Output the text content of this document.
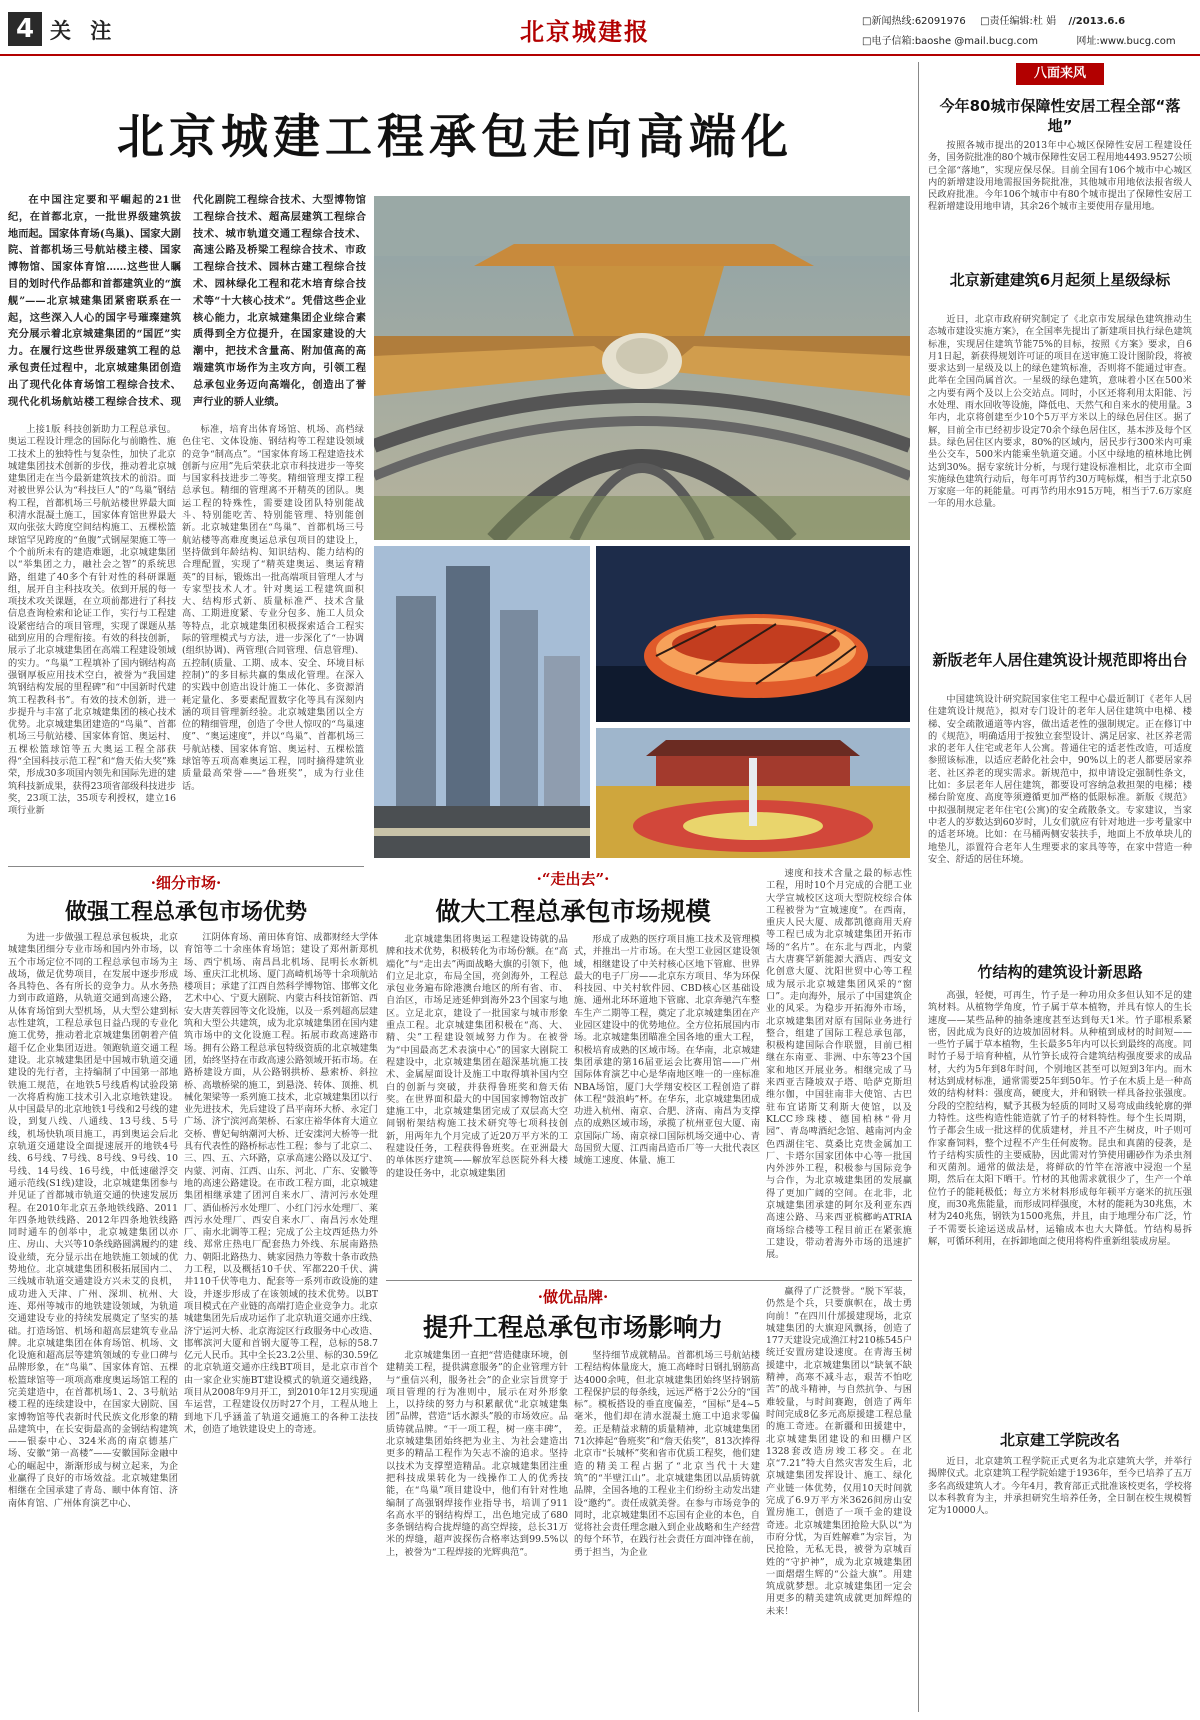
4 关 注	北京城建报	□新闻热线:62091976 □责任编辑:杜 娟 //2013.6.6
□电子信箱:baoshe @mail.bucg.com	网址:www.bucg.com
北京城建工程承包走向高端化
在中国注定要和平崛起的21世纪，在首都北京，一批世界级建筑拔地而起。国家体育场(鸟巢)、国家大剧院、首都机场三号航站楼主楼、国家博物馆、国家体育馆……这些世人瞩目的划时代作品都和首都建筑业的“旗舰”——北京城建集团紧密联系在一起，这些深入人心的国字号璀璨建筑充分展示着北京城建集团的“国匠”实力。在履行这些世界级建筑工程的总承包责任过程中，北京城建集团创造出了现代化体育场馆工程综合技术、现代化机场航站楼工程综合技术、现代化剧院工程综合技术、大型博物馆工程综合技术、超高层建筑工程综合技术、城市轨道交通工程综合技术、高速公路及桥梁工程综合技术、市政工程综合技术、园林古建工程综合技术、园林绿化工程和花木培育综合技术等“十大核心技术”。凭借这些企业核心能力，北京城建集团企业综合素质得到全方位提升，在国家建设的大潮中，把技术含量高、附加值高的高端建筑市场作为主攻方向，引领工程总承包业务迈向高端化，创造出了誉声行业的骄人业绩。
上接1版 科技创新助力工程总承包。奥运工程设计理念的国际化与前瞻性、施工技术上的独特性与复杂性，加快了北京城建集团技术创新的步伐，推动着北京城建集团走在当今最新建筑技术的前沿。面对被世界公认为“科技巨人”的“鸟巢”钢结构工程，首都机场三号航站楼世界最大面积清水混凝土施工，国家体育馆世界最大双向张弦大跨度空间结构施工、五棵松篮球馆罕见跨度的“鱼腹”式钢屋架施工等一个个前所未有的建造难题，北京城建集团以“举集团之力，融社会之智”的系统思路，组建了40多个有针对性的科研课题组，展开自主科技攻关。依到开展的每一项技术攻关课题，在立项前都进行了科技信息查询检索和论证工作，实行与工程建设紧密结合的项目管理，实现了课题从基础到应用的合理衔接。有效的科技创新，展示了北京城建集团在高端工程建设领域的实力。“鸟巢”工程填补了国内钢结构高强钢厚板应用技术空白，被誉为“我国建筑钢结构发展的里程碑”和“中国新时代建筑工程教科书”。有效的技术创新，进一步提升与丰富了北京城建集团的核心技术优势。北京城建集团建造的“鸟巢”、首都机场三号航站楼、国家体育馆、奥运村、五棵松篮球馆等五大奥运工程全部获得“全国科技示范工程”和“詹天佑大奖”殊荣，形成30多项国内领先和国际先进的建筑科技新成果，获得23项省部级科技进步奖，23项工法，35项专利授权，建立16项行业新
标准，培育出体育场馆、机场、高档绿色住宅、文体设施、钢结构等工程建设领域的竞争“制高点”。“国家体育场工程建造技术创新与应用”先后荣获北京市科技进步一等奖与国家科技进步二等奖。精细管理支撑工程总承包。精细的管理离不开精英的团队。奥运工程的特殊性，需要建设团队特别能战斗、特别能吃苦、特别能管理、特别能创新。北京城建集团在“鸟巢”、首都机场三号航站楼等高难度奥运总承包项目的建设上，坚持做到年龄结构、知识结构、能力结构的合理配置，实现了“精英建奥运、奥运育精英”的目标，锻炼出一批高端项目管理人才与专家型技术人才。针对奥运工程建筑面积大、结构形式新、质量标准严、技术含量高、工期进度紧、专业分包多、施工人员众等特点，北京城建集团积极探索适合工程实际的管理模式与方法，进一步深化了“一协调(组织协调)、两管理(合同管理、信息管理)、五控制(质量、工期、成本、安全、环境目标控制)”的多目标共赢的集成化管理。在深入的实践中创造出设计施工一体化、多资源消耗定量化、多要素配置数字化等具有深刻内涵的项目管理新经验。北京城建集团以全方位的精细管理，创造了令世人惊叹的“鸟巢速度”、“奥运速度”，并以“鸟巢”、首都机场三号航站楼、国家体育馆、奥运村、五棵松篮球馆等五项高难奥运工程，同时摘得建筑业质量最高荣誉——“鲁班奖”，成为行业佳话。
·细分市场·
做强工程总承包市场优势
为进一步做强工程总承包板块，北京城建集团细分专业市场和国内外市场，以五个市场定位不同的工程总承包市场为主战场，做足优势项目，在发展中逐步形成各具特色、各有所长的竞争力。从水务热力到市政道路，从轨道交通到高速公路，从体育场馆到大型机场，从大型公建到标志性建筑，工程总承包日益凸现的专业化施工优势，推动着北京城建集团朝着产值超千亿企业集团迈进。领跑轨道交通工程建设。北京城建集团是中国城市轨道交通建设的先行者，主持编制了中国第一部地铁施工规范，在地铁5号线盾构试验段第一次将盾构施工技术引入北京地铁建设。从中国最早的北京地铁1号线和2号线的建设，到复八线、八通线、13号线、5号线，机场快轨项目施工，再到奥运会后北京轨道交通建设全面提速展开的地铁4号线、6号线、7号线、8号线、9号线、10号线、14号线、16号线，中低速磁浮交通示范线(S1线)建设，北京城建集团参与并见证了首都城市轨道交通的快速发展历程。在2010年北京五条地铁线路、2011年四条地铁线路、2012年四条地铁线路同时通车的创举中，北京城建集团以亦庄、房山、大兴等10条线路圆满履约的建设业绩，充分显示出在地铁施工领域的优势地位。北京城建集团积极拓展国内二、三线城市轨道交通建设方兴未艾的良机，成功进入天津、广州、深圳、杭州、大连、郑州等城市的地铁建设领域，为轨道交通建设专业的持续发展奠定了坚实的基础。打造场馆、机场和超高层建筑专业品牌。北京城建集团在体育场馆、机场、文化设施和超高层等建筑领域的专业口碑与品牌形象，在“鸟巢”、国家体育馆、五棵松篮球馆等一项项高难度奥运场馆工程的完美建造中，在首都机场1、2、3号航站楼工程的连续建设中，在国家大剧院、国家博物馆等代表新时代民族文化形象的精品建筑中，在长安街最高的金钢结构建筑——银泰中心、324米高的南京德基广场、安徽“第一高楼”——安徽国际金融中心的崛起中，渐渐形成与树立起来，为企业赢得了良好的市场效益。北京城建集团相继在全国承建了青岛、颐中体育馆、济南体育馆、广州体育演艺中心、
江阴体育场、莆田体育馆、成都财经大学体育馆等二十余座体育场馆；建设了郑州新郑机场、西宁机场、南昌昌北机场、昆明长水新机场、重庆江北机场、厦门高崎机场等十余项航站楼项目；承建了江西自然科学博物馆、邯郸文化艺术中心、宁夏大剧院、内蒙古科技馆新馆、西安大唐芙蓉园等文化设施，以及一系列超高层建筑和大型公共建筑，成为北京城建集团在国内建筑市场中的文化设施工程。拓展市政高速路市场。拥有公路工程总承包特级资质的北京城建集团，始终坚持在市政高速公路领域开拓市场。在路桥建设方面，从公路钢拱桥、悬索桥、斜拉桥、高墩桥梁的施工，到悬浇、转体、顶推、机械化架梁等一系列施工技术，北京城建集团以行业先进技术，先后建设了昌平南环大桥、永定门广场、济宁滨河高架桥、石家庄裕华体育大道立交桥、曹妃甸纳潮河大桥、迁安滦河大桥等一批具有代表性的路桥标志性工程；参与了北京二、三、四、五、六环路，京承高速公路以及辽宁、内蒙、河南、江西、山东、河北、广东、安徽等地的高速公路建设。在市政工程方面，北京城建集团相继承建了团河自来水厂、清河污水处理厂、酒仙桥污水处理厂、小红门污水处理厂、莱西污水处理厂、西安自来水厂、南昌污水处理厂、南水北调等工程；完成了公主坟西延热力外线、郑常庄热电厂配套热力外线、东展南路热力、朝阳北路热力、姚家园热力等数十条市政热力工程，以及概括10千伏、军都220千伏、满井110千伏等电力、配套等一系列市政设施的建设，并逐步形成了在该领域的技术优势。以BT项目模式在产业链的高端打造企业竞争力。北京城建集团先后成功运作了北京轨道交通亦庄线、济宁运河大桥、北京海淀区行政服务中心改造、邯郸滨河大厦和首钢大厦等工程，总标的58.7亿元人民币。其中全长23.2公里、标的30.59亿的北京轨道交通亦庄线BT项目，是北京市首个由一家企业实施BT建设模式的轨道交通线路，项目从2008年9月开工，到2010年12月实现通车运营，工程建设仅历时27个月，工程从地上到地下几乎涵盖了轨道交通施工的各种工法技术，创造了地铁建设史上的奇迹。
·“走出去”·
做大工程总承包市场规模
北京城建集团将奥运工程建设铸就的品牌和技术优势，积极转化为市场份额。在“高端化”与“走出去”两面战略大旗的引领下，他们立足北京，布局全国，亮剑海外，工程总承包业务遍布除港澳台地区的所有省、市、自治区，市场足迹延伸到海外23个国家与地区。立足北京，建设了一批国家与城市形象重点工程。北京城建集团积极在“高、大、精、尖”工程建设领域努力作为。在被誉为“中国最高艺术表演中心”的国家大剧院工程建设中，北京城建集团在超深基坑施工技术、金属屋面设计及施工中取得填补国内空白的创新与突破，并获得鲁班奖和詹天佑奖。在世界面积最大的中国国家博物馆改扩建施工中，北京城建集团完成了双层高大空间钢桁架结构施工技术研究等七项科技创新，用两年九个月完成了近20万平方米的工程建设任务，工程获得鲁班奖。在亚洲最大的单体医疗建筑——解放军总医院外科大楼的建设任务中，北京城建集团
形成了成熟的医疗项目施工技术及管理模式，并推出一片市场。在大型工业园区建设领域，相继建设了中关村核心区地下管廊、世界最大的电子厂房——北京东方项目、华为环保科技园、中关村软件园、CBD核心区基础设施、通州北环环道地下管廊、北京奔驰汽车整车生产二期等工程，奠定了北京城建集团在产业园区建设中的优势地位。全方位拓展国内市场。北京城建集团瞄准全国各地的重大工程，积极培育成熟的区域市场。在华南，北京城建集团承建的第16届亚运会比赛用馆——广州国际体育演艺中心是华南地区唯一的一座标准NBA场馆，厦门大学翔安校区工程创造了群体工程“鼓浪屿”杯。在华东，北京城建集团成功进入杭州、南京、合肥、济南、南昌为支撑点的成熟区域市场，承揽了杭州亚包大厦、南京国际广场、南京禄口国际机场交通中心、青岛国贸大厦、江西南昌造币厂等一大批代表区域施工速度、体量、施工
速度和技术含量之最的标志性工程，用时10个月完成的合肥工业大学宣城校区这项大型院校综合体工程被誉为“宣城速度”。在西南，重庆人民大厦、成都凯德商用天府等工程已成为北京城建集团开拓市场的“名片”。在东北与西北，内蒙古大唐赛罕新能源大酒店、西安文化创意大厦、沈阳世贸中心等工程成为展示北京城建集团风采的“窗口”。走向海外，展示了中国建筑企业的风采。为稳步开拓海外市场，北京城建集团对原有国际业务进行整合，组建了国际工程总承包部，积极构建国际合作联盟，目前已相继在东南亚、非洲、中东等23个国家和地区开展业务。相继完成了马来西亚吉隆坡双子塔、哈萨克斯坦维尔伽，中国驻南非大使馆、古巴驻布宜诺斯艾利斯大使馆，以及KLCC珍珠楼、德国柏林“骨月园”、青岛啤酒纪念馆、越南河内金色西湖住宅、莫桑比克贵金属加工厂、卡塔尔国家团体中心等一批国内外涉外工程，积极参与国际竞争与合作，为北京城建集团的发展赢得了更加广阔的空间。在北非，北京城建集团承建的阿尔及利亚东西高速公路、马来西亚槟榔屿ATRIA商场综合楼等工程目前正在紧张施工建设，带动着海外市场的迅速扩展。
·做优品牌·
提升工程总承包市场影响力
北京城建集团一直把“营造健康环境，创建精美工程，提供满意服务”的企业管理方针与“重信兴利，服务社会”的企业宗旨贯穿于项目管理的行为准则中，展示在对外形象上，以持续的努力与积累献优“北京城建集团”品牌，营造“话水源头”般的市场效应。品质铸就品牌。“干一项工程，树一座丰碑”，北京城建集团始终把为业主、为社会建造出更多的精品工程作为矢志不渝的追求。坚持以技术为支撑塑造精品。北京城建集团注重把科技成果转化为一线操作工人的优秀技能，在“鸟巢”项目建设中，他们有针对性地编制了高强钢焊接作业指导书，培训了911名高水平的钢结构焊工，出色地完成了680多条钢结构合拢焊缝的高空焊接，总长31万米的焊缝，超声波探伤合格率达到99.5%以上，被誉为“工程焊接的光辉典范”。
坚持细节成就精品。首都机场三号航站楼工程结构体量庞大，施工高峰时日钢扎钢筋高达4000余吨，但北京城建集团始终坚持钢筋工程保护层的每条线，远远严格于2公分的“国标”。模板搭设的垂直度偏差，“国标”是4~5毫米，他们却在清水混凝土施工中追求零偏差。正是精益求精的质量精神，北京城建集团71次捧起“鲁班奖”和“詹天佑奖”，813次捧得北京市“长城杯”奖和省市优质工程奖，他们建造的精美工程占据了“北京当代十大建筑”的“半壁江山”。北京城建集团以品质铸就品牌，全国各地的工程业主们纷纷主动发出建设“邀约”。责任成就美誉。在参与市场竞争的同时，北京城建集团不忘国有企业的本色，自觉将社会责任理念融入到企业战略和生产经营的每个环节，在践行社会责任方面冲锋在前，勇于担当，为企业
赢得了广泛赞誉。“脱下军装，仍然是个兵，只要旗帜在，战士勇向前！”在四川什邡援建现场，北京城建集团的大旗迎风飘扬，创造了177天建设完成渔江村210栋545户统迁安置房建设速度。在青海玉树援建中，北京城建集团以“缺氧不缺精神，高寒不减斗志，艰苦不怕吃苦”的战斗精神，与自然抗争、与困难较量，与时间赛跑，创造了两年时间完成8亿多元高原援建工程总量的施工奇迹。在新疆和田援建中，北京城建集团建设的和田棚户区1328套改造房竣工移交。在北京“7.21”特大自然灾害发生后，北京城建集团发挥设计、施工、绿化产业链一体优势，仅用10天时间就完成了6.9万平方米3626间房山安置房施工，创造了一项千金的建设奇迹。北京城建集团抢险大队以“为市府分忧，为百姓解难”为宗旨，为民抢险，无私无畏，被誉为京城百姓的“守护神”，成为北京城建集团一面熠熠生辉的“公益大旗”。用建筑成就梦想。北京城建集团一定会用更多的精美建筑成就更加辉煌的未来！
八面来风
今年80城市保障性安居工程全部“落地”
按照各城市提出的2013年中心城区保障性安居工程建设任务，国务院批准的80个城市保障性安居工程用地4493.9527公顷已全部“落地”，实现应保尽保。目前全国有106个城市中心城区内的新增建设用地需报国务院批准，其他城市用地依法报省级人民政府批准。今年106个城市中有80个城市提出了保障性安居工程新增建设用地申请，其余26个城市主要使用存量用地。
北京新建建筑6月起须上星级绿标
近日，北京市政府研究制定了《北京市发展绿色建筑推动生态城市建设实施方案》，在全国率先提出了新建项目执行绿色建筑标准，实现居住建筑节能75%的目标，按照《方案》要求，自6月1日起，新获得规划许可证的项目在送审施工设计图阶段，将被要求达到一星级及以上的绿色建筑标准，否则将不能通过审查。此举在全国尚属首次。一星级的绿色建筑，意味着小区在500米之内要有两个及以上公交站点。同时，小区还将利用太阳能、污水处理、雨水回收等设施，降低电、天然气和自来水的使用量。3年内，北京将创建至少10个5万平方米以上的绿色居住区。据了解，目前全市已经初步设定70余个绿色居住区，基本涉及每个区县。绿色居住区内要求，80%的区域内，居民步行300米内可乘坐公交车，500米内能乘坐轨道交通。小区中绿地的植林地比例达到30%。据专家统计分析，与现行建设标准相比，北京市全面实施绿色建筑行动后，每年可再节约30万吨标煤，相当于北京50万家庭一年的耗能量。可再节约用水915万吨，相当于7.6万家庭一年的用水总量。
新版老年人居住建筑设计规范即将出台
中国建筑设计研究院国家住宅工程中心最近制订《老年人居住建筑设计规范》，拟对专门设计的老年人居住建筑中电梯、楼梯、安全疏散通道等内容，做出适老性的强制规定。正在修订中的《规范》，明确适用于按独立套型设计、满足居家、社区养老需求的老年人住宅或老年人公寓。普通住宅的适老性改造，可适度参照该标准，以适应老龄化社会中，90%以上的老人都要居家养老、社区养老的现实需求。新规范中，拟申请设定强制性条文，比如：多层老年人居住建筑，都要设可容纳急救担架的电梯；楼梯台阶宽度、高度等须遵循更加严格的低限标准。新版《规范》中拟强制规定老年住宅(公寓)的安全疏散条文。专家建议，当家中老人的岁数达到60岁时，儿女们就应有针对地进一步考量家中的适老环境。比如：在马桶两侧安装扶手，地面上不放单块儿的地垫儿，添置符合老年人生理要求的家具等等，在家中营造一种安全、舒适的居住环境。
竹结构的建筑设计新思路
高强，轻便，可再生，竹子是一种功用众多但认知不足的建筑材料。从植物学角度，竹子属于草本植物，并具有惊人的生长速度——某些品种的抽条速度甚至达到每天1米。竹子耶根系紧密，因此成为良好的边坡加固材料。从种植到成材的时间短——一些竹子属于草本植物，生长最多5年内可以长到最终的高度。同时竹子易于培育种植，从竹笋长成符合建筑结构强度要求的成品材，大约为5年到8年时间，个别地区甚至可以短到3年内。而木材达到成材标准，通常需要25年到50年。竹子在木质上是一种高效的结构材料：强度高，硬度大，并和钢铁一样具备拉张强度。分段的空腔结构，赋予其极为轻质的同时又易弯成曲线轮廓的弹力特性。这些构造性能造就了竹子的材料特性。每个生长周期，竹子都会生成一批这样的优质建材，并且不产生树皮，叶子则可作家畜饲料，整个过程不产生任何废物。昆虫和真菌的侵袭，是竹子结构实质性的主要威胁，因此需对竹笋使用硼砂作为杀虫剂和灭菌剂。通常的做法是，将鲜砍的竹竿在溶液中浸泡一个星期，然后在太阳下晒干。竹材的其他需求就很少了，生产一个单位竹子的能耗极低；每立方米材料形成每年顿平方毫米的抗压强度，而30兆焦能量，而形成同样强度，木材的能耗为30兆焦，木材为240兆焦，钢铁为1500兆焦，并且，由于地理分布广泛，竹子不需要长途运送成品材，运输成本也大大降低。竹结构易拆解，可循环利用，在拆卸地面之使用将构件重新组装成房屋。
北京建工学院改名
近日，北京建筑工程学院正式更名为北京建筑大学，并举行揭牌仪式。北京建筑工程学院始建于1936年，至今已培养了五万多名高级建筑人才。今年4月，教育部正式批准该校更名，学校将以本科教育为主，并承担研究生培养任务，全日制在校生规模暂定为10000人。
